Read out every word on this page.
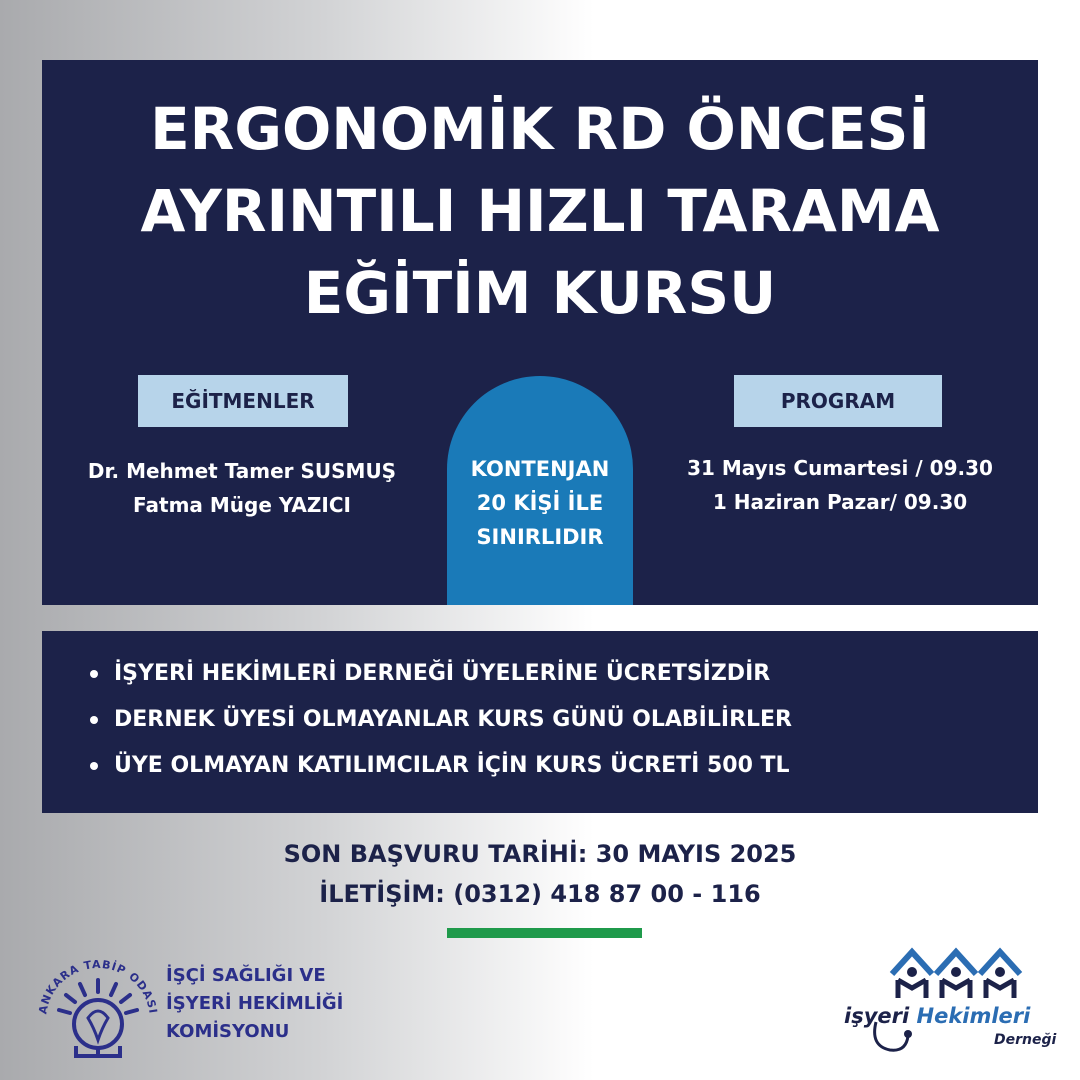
ERGONOMİK RD ÖNCESİ
AYRINTILI HIZLI TARAMA
EĞİTİM KURSU
EĞİTMENLER
Dr. Mehmet Tamer SUSMUŞ
Fatma Müge YAZICI
KONTENJAN
20 KİŞİ İLE
SINIRLIDIR
PROGRAM
31 Mayıs Cumartesi / 09.30
1 Haziran Pazar/ 09.30
İŞYERİ HEKİMLERİ DERNEĞİ ÜYELERİNE ÜCRETSİZDİR
DERNEK ÜYESİ OLMAYANLAR KURS GÜNÜ OLABİLİRLER
ÜYE OLMAYAN KATILIMCILAR İÇİN KURS ÜCRETİ 500 TL
SON BAŞVURU TARİHİ: 30 MAYIS 2025
İLETİŞİM: (0312) 418 87 00 - 116
ANKARA TABİP ODASI
İŞÇİ SAĞLIĞI VE
İŞYERİ HEKİMLİĞİ
KOMİSYONU
işyeri Hekimleri
Derneği
